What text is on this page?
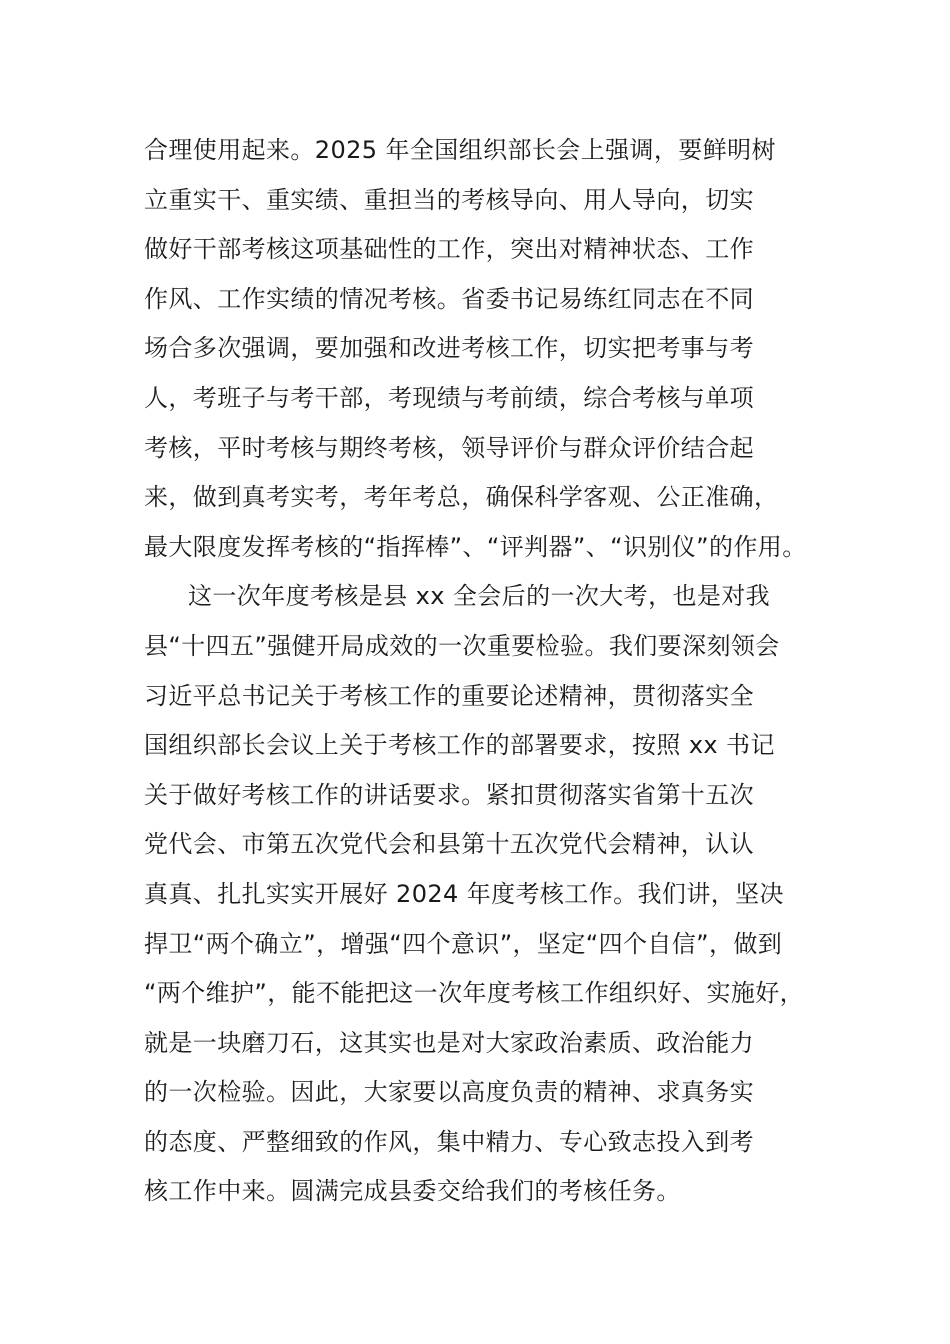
合理使用起来。2025 年全国组织部长会上强调，要鲜明树
立重实干、重实绩、重担当的考核导向、用人导向，切实
做好干部考核这项基础性的工作，突出对精神状态、工作
作风、工作实绩的情况考核。省委书记易练红同志在不同
场合多次强调，要加强和改进考核工作，切实把考事与考
人，考班子与考干部，考现绩与考前绩，综合考核与单项
考核，平时考核与期终考核，领导评价与群众评价结合起
来，做到真考实考，考年考总，确保科学客观、公正准确，
最大限度发挥考核的“指挥棒”、“评判器”、“识别仪”的作用。
这一次年度考核是县 xx 全会后的一次大考，也是对我
县“十四五”强健开局成效的一次重要检验。我们要深刻领会
习近平总书记关于考核工作的重要论述精神，贯彻落实全
国组织部长会议上关于考核工作的部署要求，按照 xx 书记
关于做好考核工作的讲话要求。紧扣贯彻落实省第十五次
党代会、市第五次党代会和县第十五次党代会精神，认认
真真、扎扎实实开展好 2024 年度考核工作。我们讲，坚决
捍卫“两个确立”，增强“四个意识”，坚定“四个自信”，做到
“两个维护”，能不能把这一次年度考核工作组织好、实施好，
就是一块磨刀石，这其实也是对大家政治素质、政治能力
的一次检验。因此，大家要以高度负责的精神、求真务实
的态度、严整细致的作风，集中精力、专心致志投入到考
核工作中来。圆满完成县委交给我们的考核任务。
